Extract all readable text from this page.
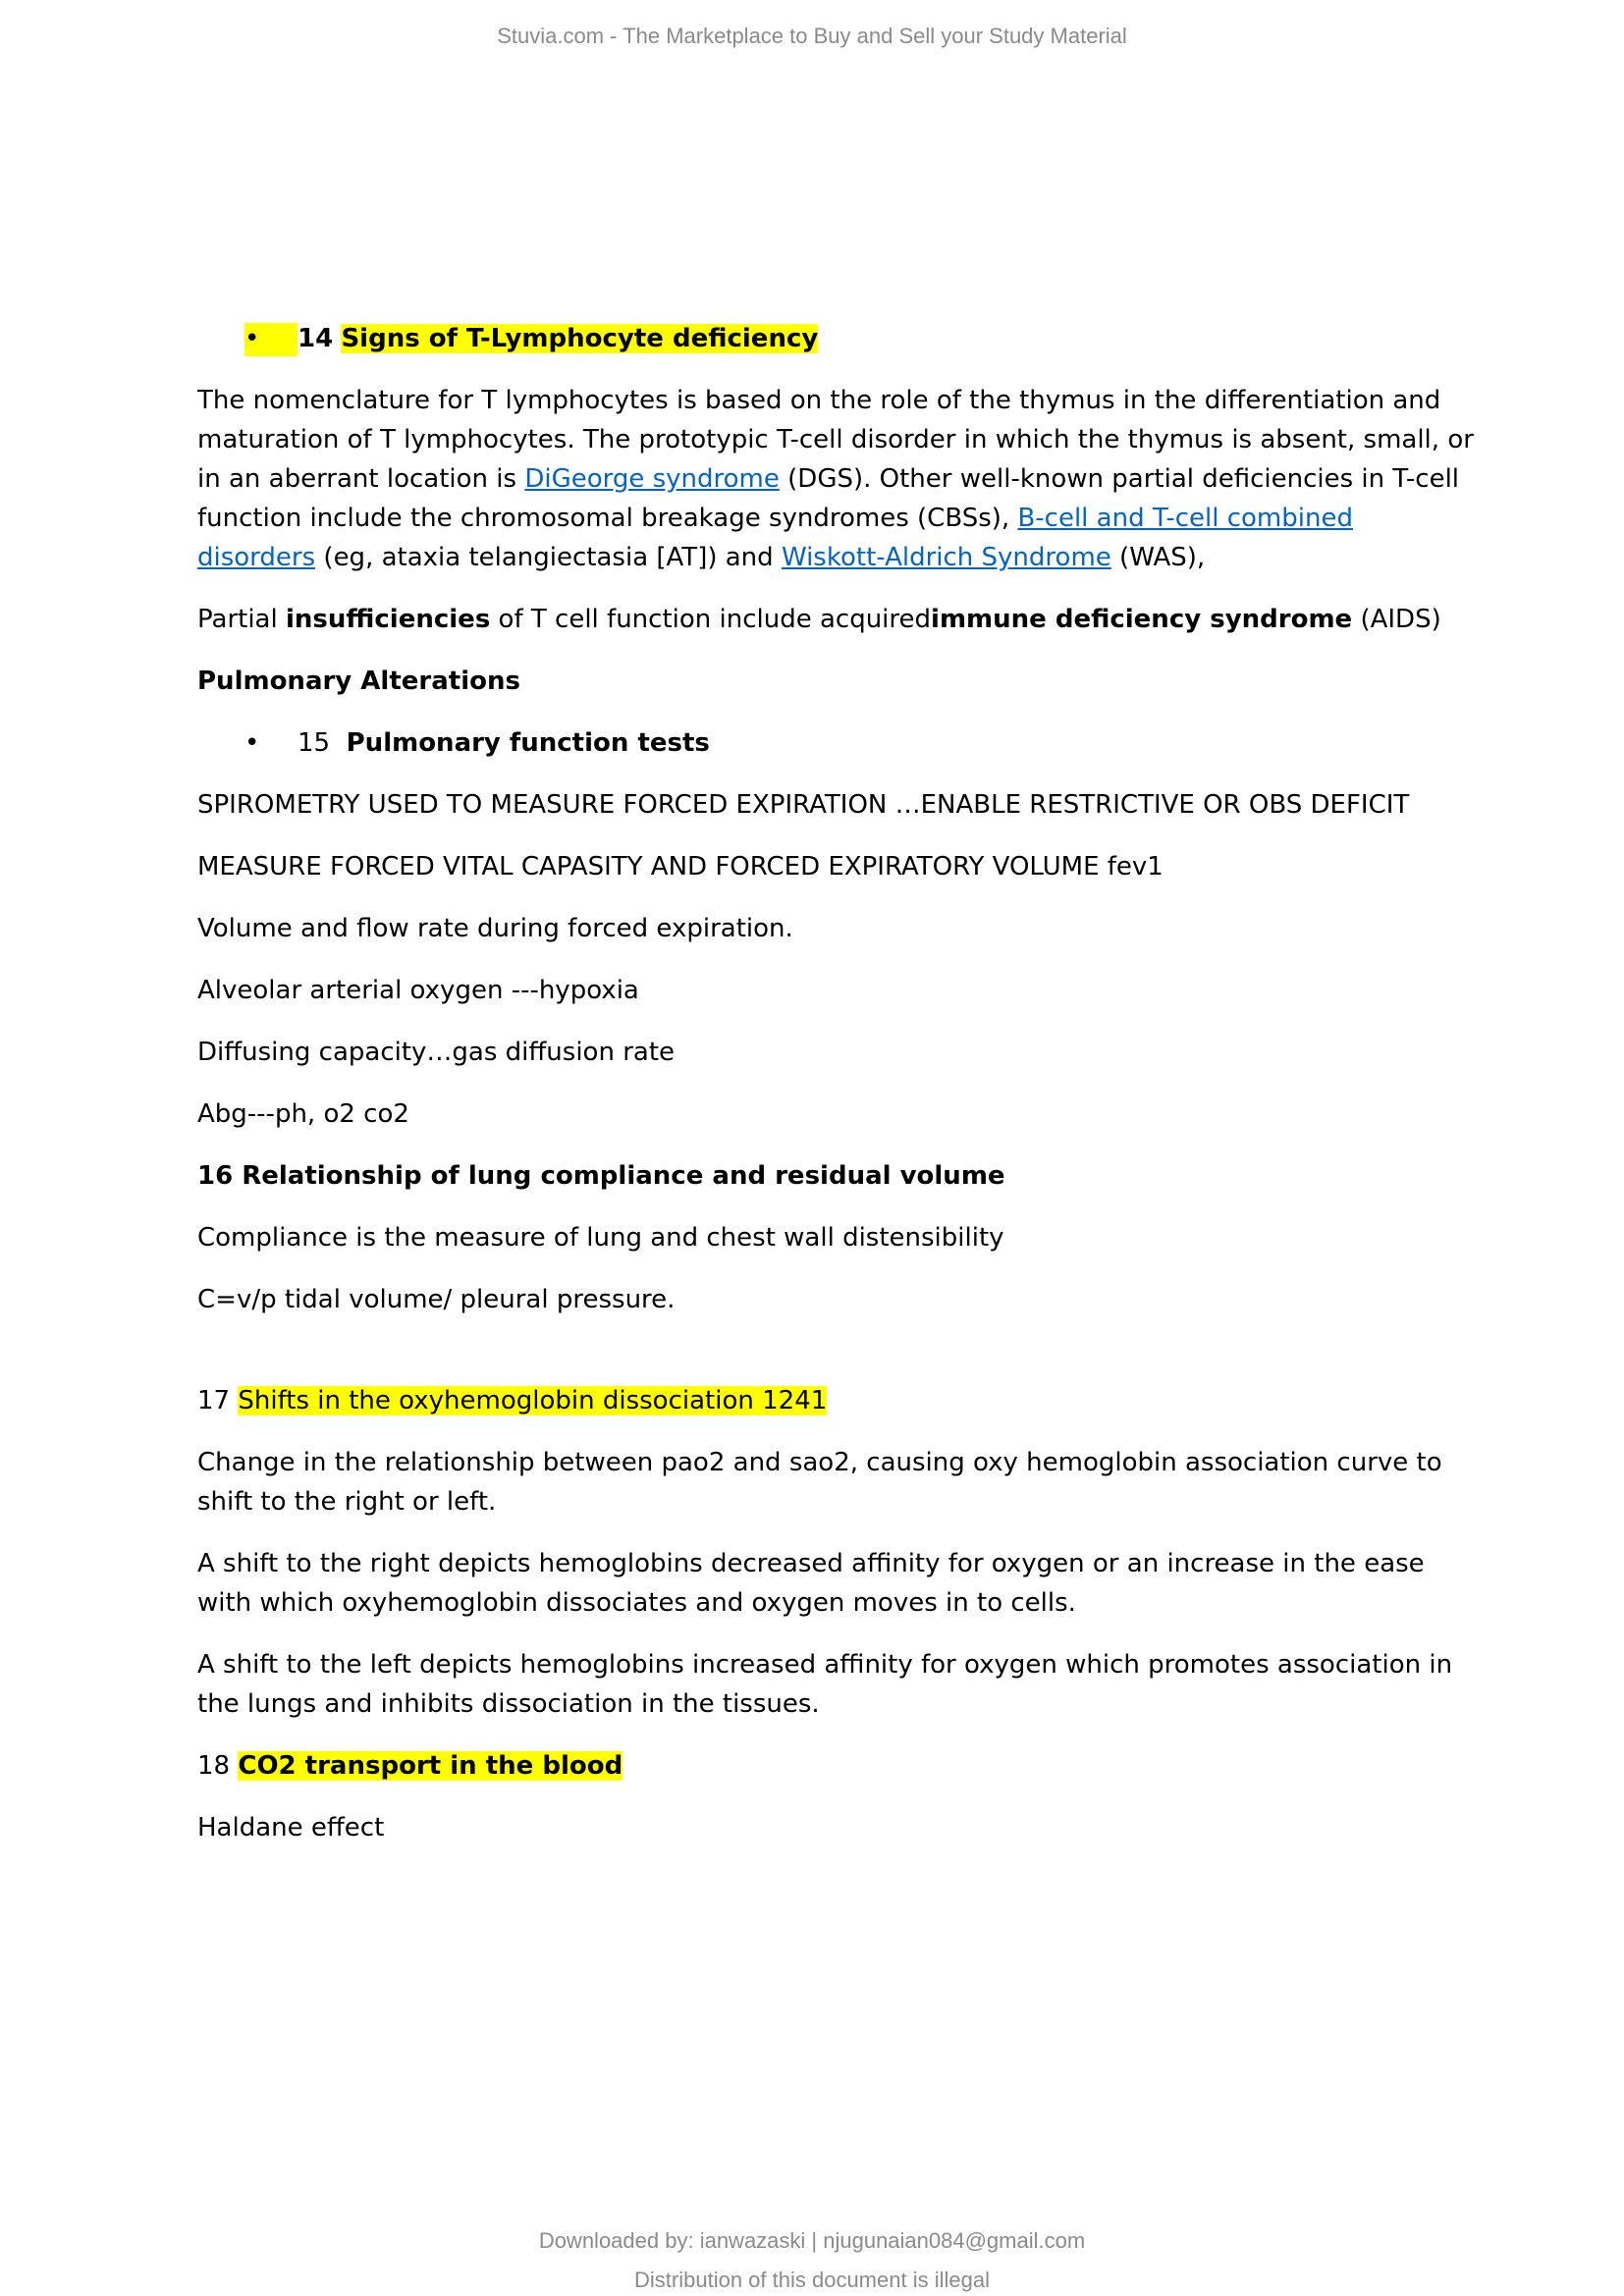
Stuvia.com - The Marketplace to Buy and Sell your Study Material
• 14 Signs of T-Lymphocyte deficiency

The nomenclature for T lymphocytes is based on the role of the thymus in the differentiation and maturation of T lymphocytes. The prototypic T-cell disorder in which the thymus is absent, small, or in an aberrant location is DiGeorge syndrome (DGS). Other well-known partial deficiencies in T-cell function include the chromosomal breakage syndromes (CBSs), B-cell and T-cell combined disorders (eg, ataxia telangiectasia [AT]) and Wiskott-Aldrich Syndrome (WAS),

Partial insufficiencies of T cell function include acquiredimmune deficiency syndrome (AIDS)

Pulmonary Alterations

• 15 Pulmonary function tests

SPIROMETRY USED TO MEASURE FORCED EXPIRATION …ENABLE RESTRICTIVE OR OBS DEFICIT

MEASURE FORCED VITAL CAPASITY AND FORCED EXPIRATORY VOLUME fev1

Volume and flow rate during forced expiration.

Alveolar arterial oxygen ---hypoxia

Diffusing capacity…gas diffusion rate

Abg---ph, o2 co2

16 Relationship of lung compliance and residual volume

Compliance is the measure of lung and chest wall distensibility

C=v/p tidal volume/ pleural pressure.

17 Shifts in the oxyhemoglobin dissociation 1241

Change in the relationship between pao2 and sao2, causing oxy hemoglobin association curve to shift to the right or left.

A shift to the right depicts hemoglobins decreased affinity for oxygen or an increase in the ease with which oxyhemoglobin dissociates and oxygen moves in to cells.

A shift to the left depicts hemoglobins increased affinity for oxygen which promotes association in the lungs and inhibits dissociation in the tissues.

18 CO2 transport in the blood

Haldane effect

Downloaded by: ianwazaski | njugunaian084@gmail.com
Distribution of this document is illegal
